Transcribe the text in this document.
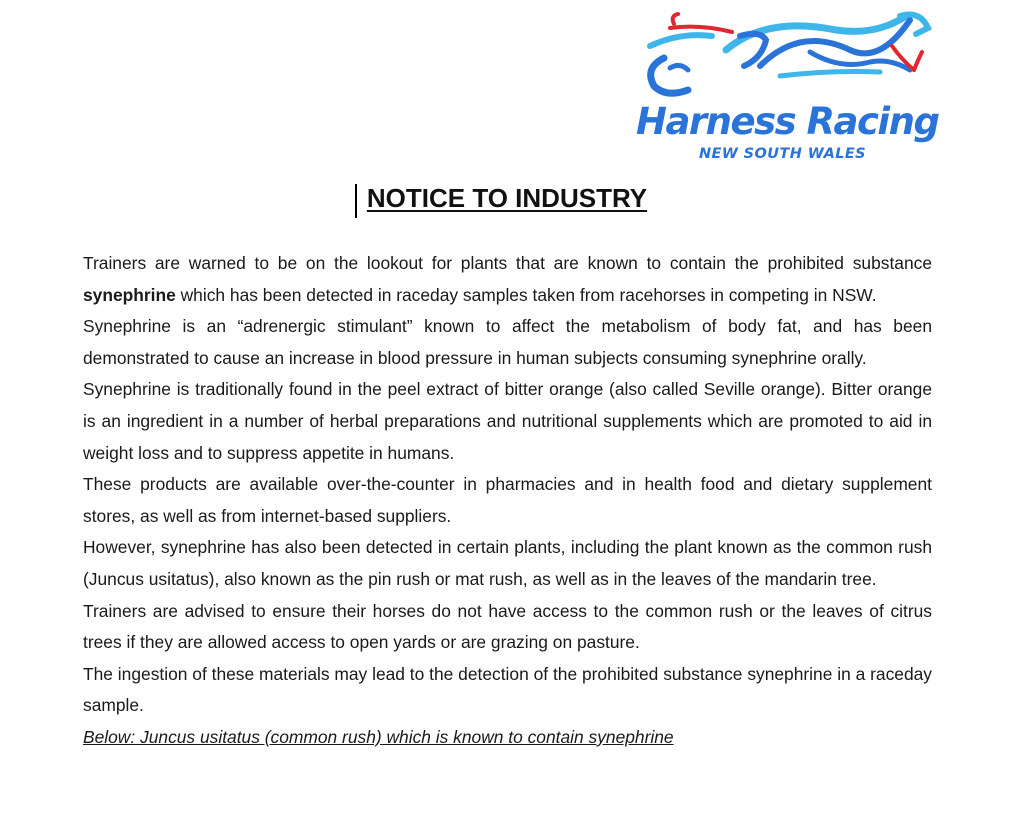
Harness Racing
NEW SOUTH WALES
NOTICE TO INDUSTRY

Trainers are warned to be on the lookout for plants that are known to contain the prohibited substance synephrine which has been detected in raceday samples taken from racehorses in competing in NSW.

Synephrine is an “adrenergic stimulant” known to affect the metabolism of body fat, and has been demonstrated to cause an increase in blood pressure in human subjects consuming synephrine orally.

Synephrine is traditionally found in the peel extract of bitter orange (also called Seville orange). Bitter orange is an ingredient in a number of herbal preparations and nutritional supplements which are promoted to aid in weight loss and to suppress appetite in humans.

These products are available over-the-counter in pharmacies and in health food and dietary supplement stores, as well as from internet-based suppliers.

However, synephrine has also been detected in certain plants, including the plant known as the common rush (Juncus usitatus), also known as the pin rush or mat rush, as well as in the leaves of the mandarin tree.

Trainers are advised to ensure their horses do not have access to the common rush or the leaves of citrus trees if they are allowed access to open yards or are grazing on pasture.

The ingestion of these materials may lead to the detection of the prohibited substance synephrine in a raceday sample.

Below: Juncus usitatus (common rush) which is known to contain synephrine
